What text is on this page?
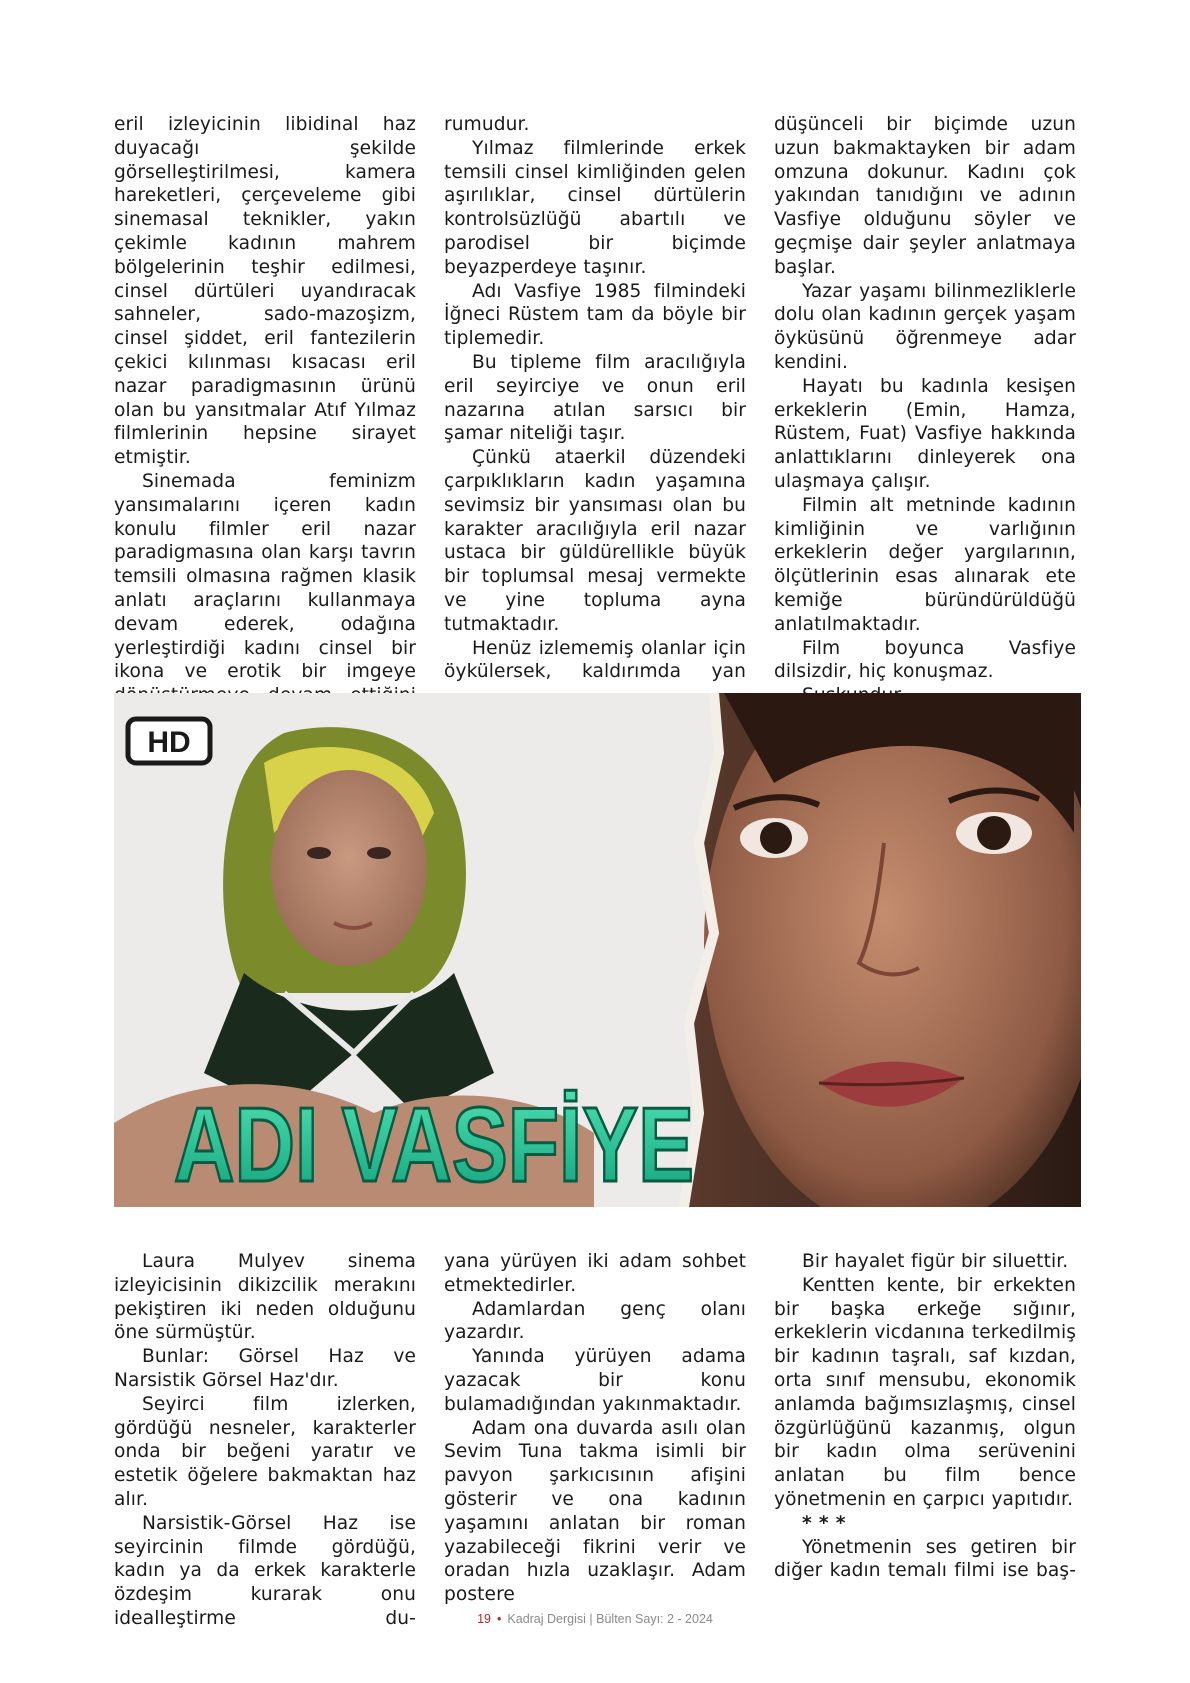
eril izleyicinin libidinal haz duyacağı şekilde görselleştirilmesi, kamera hareketleri, çerçeveleme gibi sinemasal teknikler, yakın çekimle kadının mahrem bölgelerinin teşhir edilmesi, cinsel dürtüleri uyandıracak sahneler, sado-mazoşizm, cinsel şiddet, eril fantezilerin çekici kılınması kısacası eril nazar paradigmasının ürünü olan bu yansıtmalar Atıf Yılmaz filmlerinin hepsine sirayet etmiştir.

Sinemada feminizm yansımalarını içeren kadın konulu filmler eril nazar paradigmasına olan karşı tavrın temsili olmasına rağmen klasik anlatı araçlarını kullanmaya devam ederek, odağına yerleştirdiği kadını cinsel bir ikona ve erotik bir imgeye

rumudur.

Yılmaz filmlerinde erkek temsili cinsel kimliğinden gelen aşırılıklar, cinsel dürtülerin kontrolsüzlüğü abartılı ve parodisel bir biçimde beyazperdeye taşınır.

Adı Vasfiye 1985 filmindeki İğneci Rüstem tam da böyle bir tiplemedir.

Bu tipleme film aracılığıyla eril seyirciye ve onun eril nazarına atılan sarsıcı bir şamar niteliği taşır.

Çünkü ataerkil düzendeki çarpıklıkların kadın yaşamına sevimsiz bir yansıması olan bu karakter aracılığıyla eril nazar ustaca bir güldürellikle büyük bir toplumsal mesaj vermekte ve yine topluma ayna tutmaktadır.

Henüz izlememiş olanlar için öykülersek, kaldırımda yan

düşünceli bir biçimde uzun uzun bakmaktayken bir adam omzuna dokunur. Kadını çok yakından tanıdığını ve adının Vasfiye olduğunu söyler ve geçmişe dair şeyler anlatmaya başlar.

Yazar yaşamı bilinmezliklerle dolu olan kadının gerçek yaşam öyküsünü öğrenmeye adar kendini.

Hayatı bu kadınla kesişen erkeklerin (Emin, Hamza, Rüstem, Fuat) Vasfiye hakkında anlattıklarını dinleyerek ona ulaşmaya çalışır.

Filmin alt metninde kadının kimliğinin ve varlığının erkeklerin değer yargılarının, ölçütlerinin esas alınarak ete kemiğe büründürüldüğü anlatılmaktadır.

Film boyunca Vasfiye dilsizdir, hiç konuşmaz.

HD
ADI VASFİYE

Laura Mulyev sinema izleyicisinin dikizcilik merakını pekiştiren iki neden olduğunu öne sürmüştür.

Bunlar: Görsel Haz ve Narsistik Görsel Haz'dır.

Seyirci film izlerken, gördüğü nesneler, karakterler onda bir beğeni yaratır ve estetik öğelere bakmaktan haz alır.

Narsistik-Görsel Haz ise seyircinin filmde gördüğü, kadın ya da erkek karakterle özdeşim kurarak onu idealleştirme du-

yana yürüyen iki adam sohbet etmektedirler.

Adamlardan genç olanı yazardır.

Yanında yürüyen adama yazacak bir konu bulamadığından yakınmaktadır.

Adam ona duvarda asılı olan Sevim Tuna takma isimli bir pavyon şarkıcısının afişini gösterir ve ona kadının yaşamını anlatan bir roman yazabileceği fikrini verir ve oradan hızla uzaklaşır. Adam postere

Bir hayalet figür bir siluettir.

Kentten kente, bir erkekten bir başka erkeğe sığınır, erkeklerin vicdanına terkedilmiş bir kadının taşralı, saf kızdan, orta sınıf mensubu, ekonomik anlamda bağımsızlaşmış, cinsel özgürlüğünü kazanmış, olgun bir kadın olma serüvenini anlatan bu film bence yönetmenin en çarpıcı yapıtıdır.

* * *

Yönetmenin ses getiren bir diğer kadın temalı filmi ise baş-

19 • Kadraj Dergisi | Bülten Sayı: 2 - 2024
